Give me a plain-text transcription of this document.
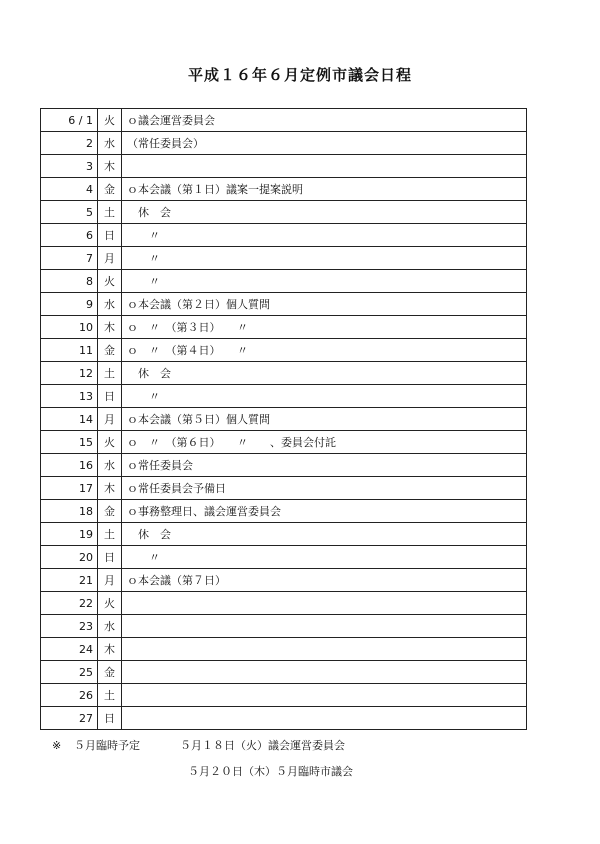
平成１６年６月定例市議会日程
6 / 1	火	ｏ議会運営委員会
2	水	（常任委員会）
3	木	
4	金	ｏ本会議（第１日）議案一提案説明
5	土	　休　会
6	日	　　〃
7	月	　　〃
8	火	　　〃
9	水	ｏ本会議（第２日）個人質問
10	木	ｏ　〃　（第３日）　　〃
11	金	ｏ　〃　（第４日）　　〃
12	土	　休　会
13	日	　　〃
14	月	ｏ本会議（第５日）個人質問
15	火	ｏ　〃　（第６日）　　〃　　、委員会付託
16	水	ｏ常任委員会
17	木	ｏ常任委員会予備日
18	金	ｏ事務整理日、議会運営委員会
19	土	　休　会
20	日	　　〃
21	月	ｏ本会議（第７日）
22	火	
23	水	
24	木	
25	金	
26	土	
27	日	
※ ５月臨時予定	５月１８日（火）議会運営委員会
５月２０日（木）５月臨時市議会
